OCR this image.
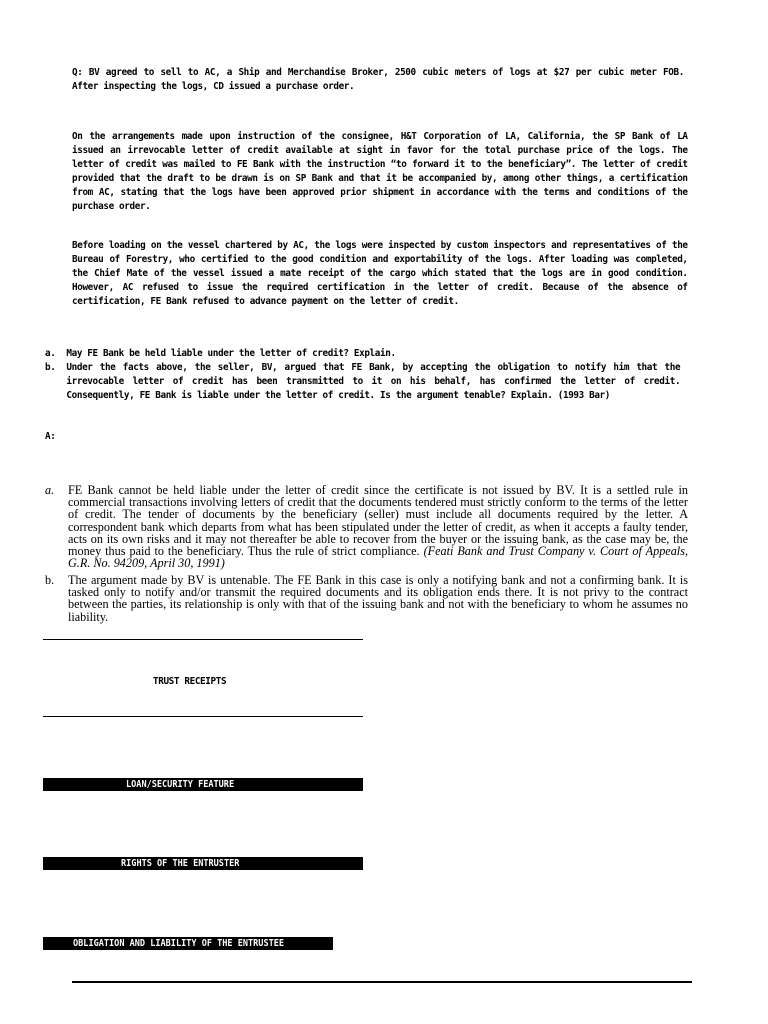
Q: BV agreed to sell to AC, a Ship and Merchandise Broker, 2500 cubic meters of logs at $27 per cubic meter FOB. After inspecting the logs, CD issued a purchase order.
On the arrangements made upon instruction of the consignee, H&T Corporation of LA, California, the SP Bank of LA issued an irrevocable letter of credit available at sight in favor for the total purchase price of the logs. The letter of credit was mailed to FE Bank with the instruction “to forward it to the beneficiary”. The letter of credit provided that the draft to be drawn is on SP Bank and that it be accompanied by, among other things, a certification from AC, stating that the logs have been approved prior shipment in accordance with the terms and conditions of the purchase order.
Before loading on the vessel chartered by AC, the logs were inspected by custom inspectors and representatives of the Bureau of Forestry, who certified to the good condition and exportability of the logs. After loading was completed, the Chief Mate of the vessel issued a mate receipt of the cargo which stated that the logs are in good condition. However, AC refused to issue the required certification in the letter of credit. Because of the absence of certification, FE Bank refused to advance payment on the letter of credit.
a. May FE Bank be held liable under the letter of credit? Explain.
b. Under the facts above, the seller, BV, argued that FE Bank, by accepting the obligation to notify him that the irrevocable letter of credit has been transmitted to it on his behalf, has confirmed the letter of credit. Consequently, FE Bank is liable under the letter of credit. Is the argument tenable? Explain. (1993 Bar)
A:
a. FE Bank cannot be held liable under the letter of credit since the certificate is not issued by BV. It is a settled rule in commercial transactions involving letters of credit that the documents tendered must strictly conform to the terms of the letter of credit. The tender of documents by the beneficiary (seller) must include all documents required by the letter. A correspondent bank which departs from what has been stipulated under the letter of credit, as when it accepts a faulty tender, acts on its own risks and it may not thereafter be able to recover from the buyer or the issuing bank, as the case may be, the money thus paid to the beneficiary. Thus the rule of strict compliance. (Feati Bank and Trust Company v. Court of Appeals, G.R. No. 94209, April 30, 1991)
b. The argument made by BV is untenable. The FE Bank in this case is only a notifying bank and not a confirming bank. It is tasked only to notify and/or transmit the required documents and its obligation ends there. It is not privy to the contract between the parties, its relationship is only with that of the issuing bank and not with the beneficiary to whom he assumes no liability.
TRUST RECEIPTS
LOAN/SECURITY FEATURE
RIGHTS OF THE ENTRUSTER
OBLIGATION AND LIABILITY OF THE ENTRUSTEE
